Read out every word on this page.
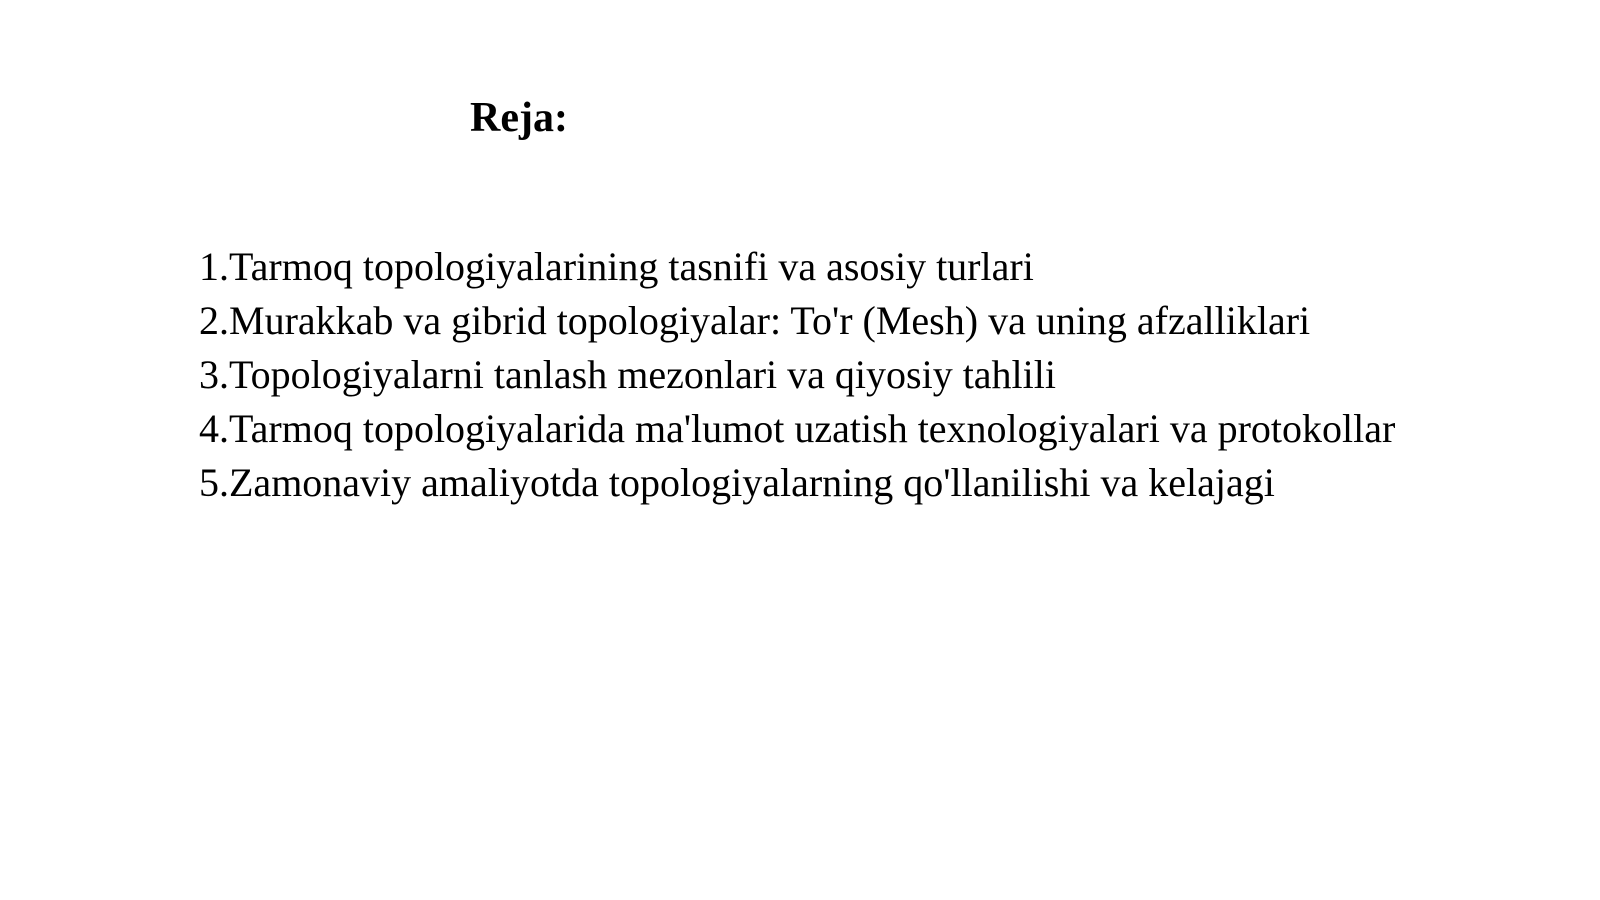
Reja:
1.Tarmoq topologiyalarining tasnifi va asosiy turlari
2.Murakkab va gibrid topologiyalar: To'r (Mesh) va uning afzalliklari
3.Topologiyalarni tanlash mezonlari va qiyosiy tahlili
4.Tarmoq topologiyalarida ma'lumot uzatish texnologiyalari va protokollar
5.Zamonaviy amaliyotda topologiyalarning qo'llanilishi va kelajagi
